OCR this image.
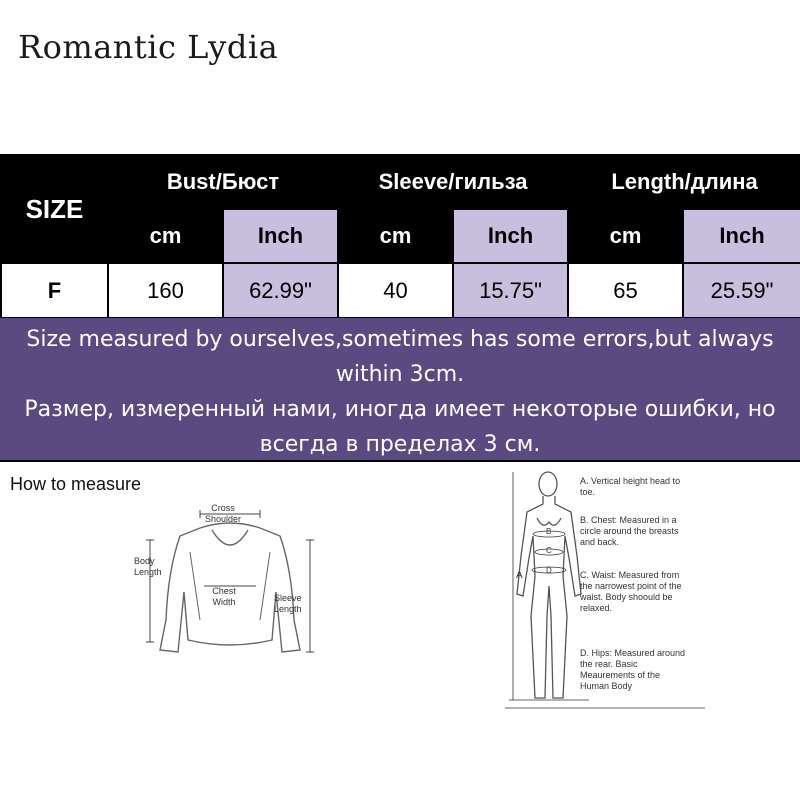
Romantic Lydia
SIZE	Bust/Бюст		Sleeve/гильза		Length/длина	
	cm	Inch	cm	Inch	cm	Inch
F	160	62.99"	40	15.75"	65	25.59"
Size measured by ourselves,sometimes has some errors,but always within 3cm.
Размер, измеренный нами, иногда имеет некоторые ошибки, но всегда в пределах 3 см.
How to measure
Cross Shoulder
Body Length
Chest Width	Sleeve Length
B
C
D
A
A. Vertical height head to toe.
B. Chest: Measured in a circle around the breasts and back.
C. Waist: Measured from the narrowest point of the waist. Body shoould be relaxed.
D. Hips: Measured around the rear. Basic Meaurements of the Human Body
